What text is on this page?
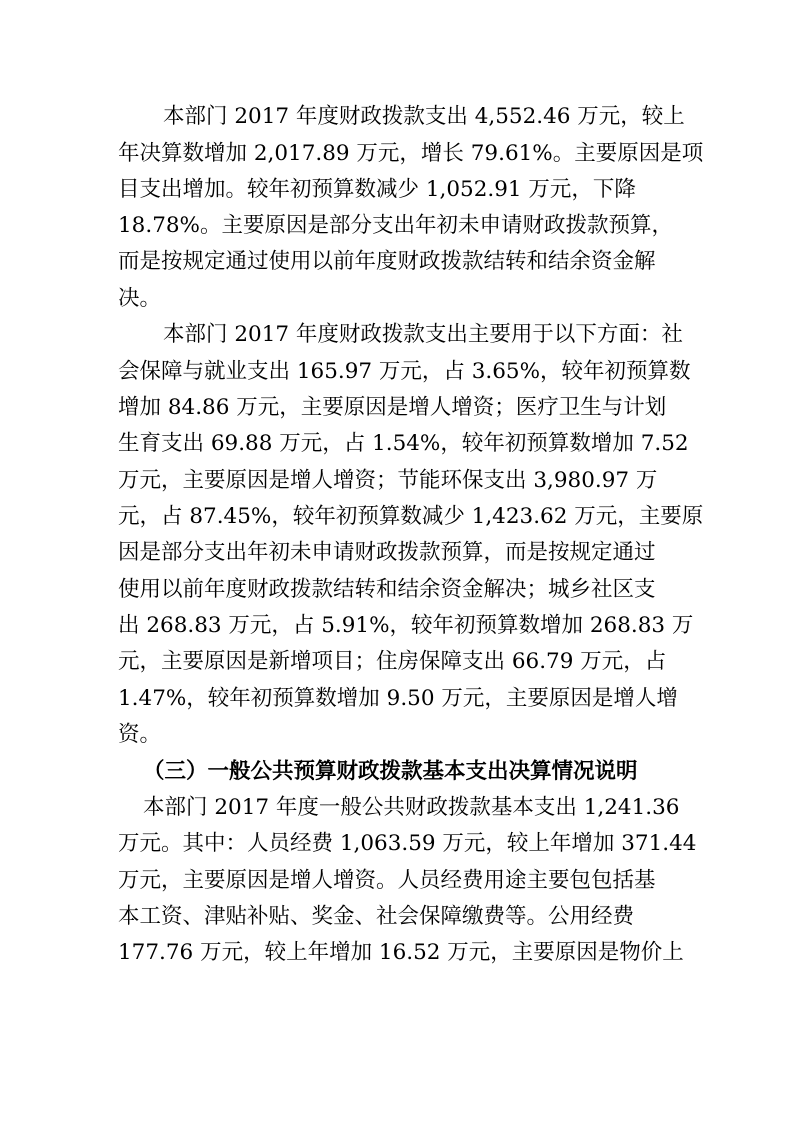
本部门 2017 年度财政拨款支出 4,552.46 万元，较上
年决算数增加 2,017.89 万元，增长 79.61%。主要原因是项
目支出增加。较年初预算数减少 1,052.91 万元，下降
18.78%。主要原因是部分支出年初未申请财政拨款预算，
而是按规定通过使用以前年度财政拨款结转和结余资金解
决。
本部门 2017 年度财政拨款支出主要用于以下方面：社
会保障与就业支出 165.97 万元，占 3.65%，较年初预算数
增加 84.86 万元，主要原因是增人增资；医疗卫生与计划
生育支出 69.88 万元，占 1.54%，较年初预算数增加 7.52
万元，主要原因是增人增资；节能环保支出 3,980.97 万
元，占 87.45%，较年初预算数减少 1,423.62 万元，主要原
因是部分支出年初未申请财政拨款预算，而是按规定通过
使用以前年度财政拨款结转和结余资金解决；城乡社区支
出 268.83 万元，占 5.91%，较年初预算数增加 268.83 万
元，主要原因是新增项目；住房保障支出 66.79 万元，占
1.47%，较年初预算数增加 9.50 万元，主要原因是增人增
资。
（三）一般公共预算财政拨款基本支出决算情况说明
本部门 2017 年度一般公共财政拨款基本支出 1,241.36
万元。其中：人员经费 1,063.59 万元，较上年增加 371.44
万元，主要原因是增人增资。人员经费用途主要包包括基
本工资、津贴补贴、奖金、社会保障缴费等。公用经费
177.76 万元，较上年增加 16.52 万元，主要原因是物价上
